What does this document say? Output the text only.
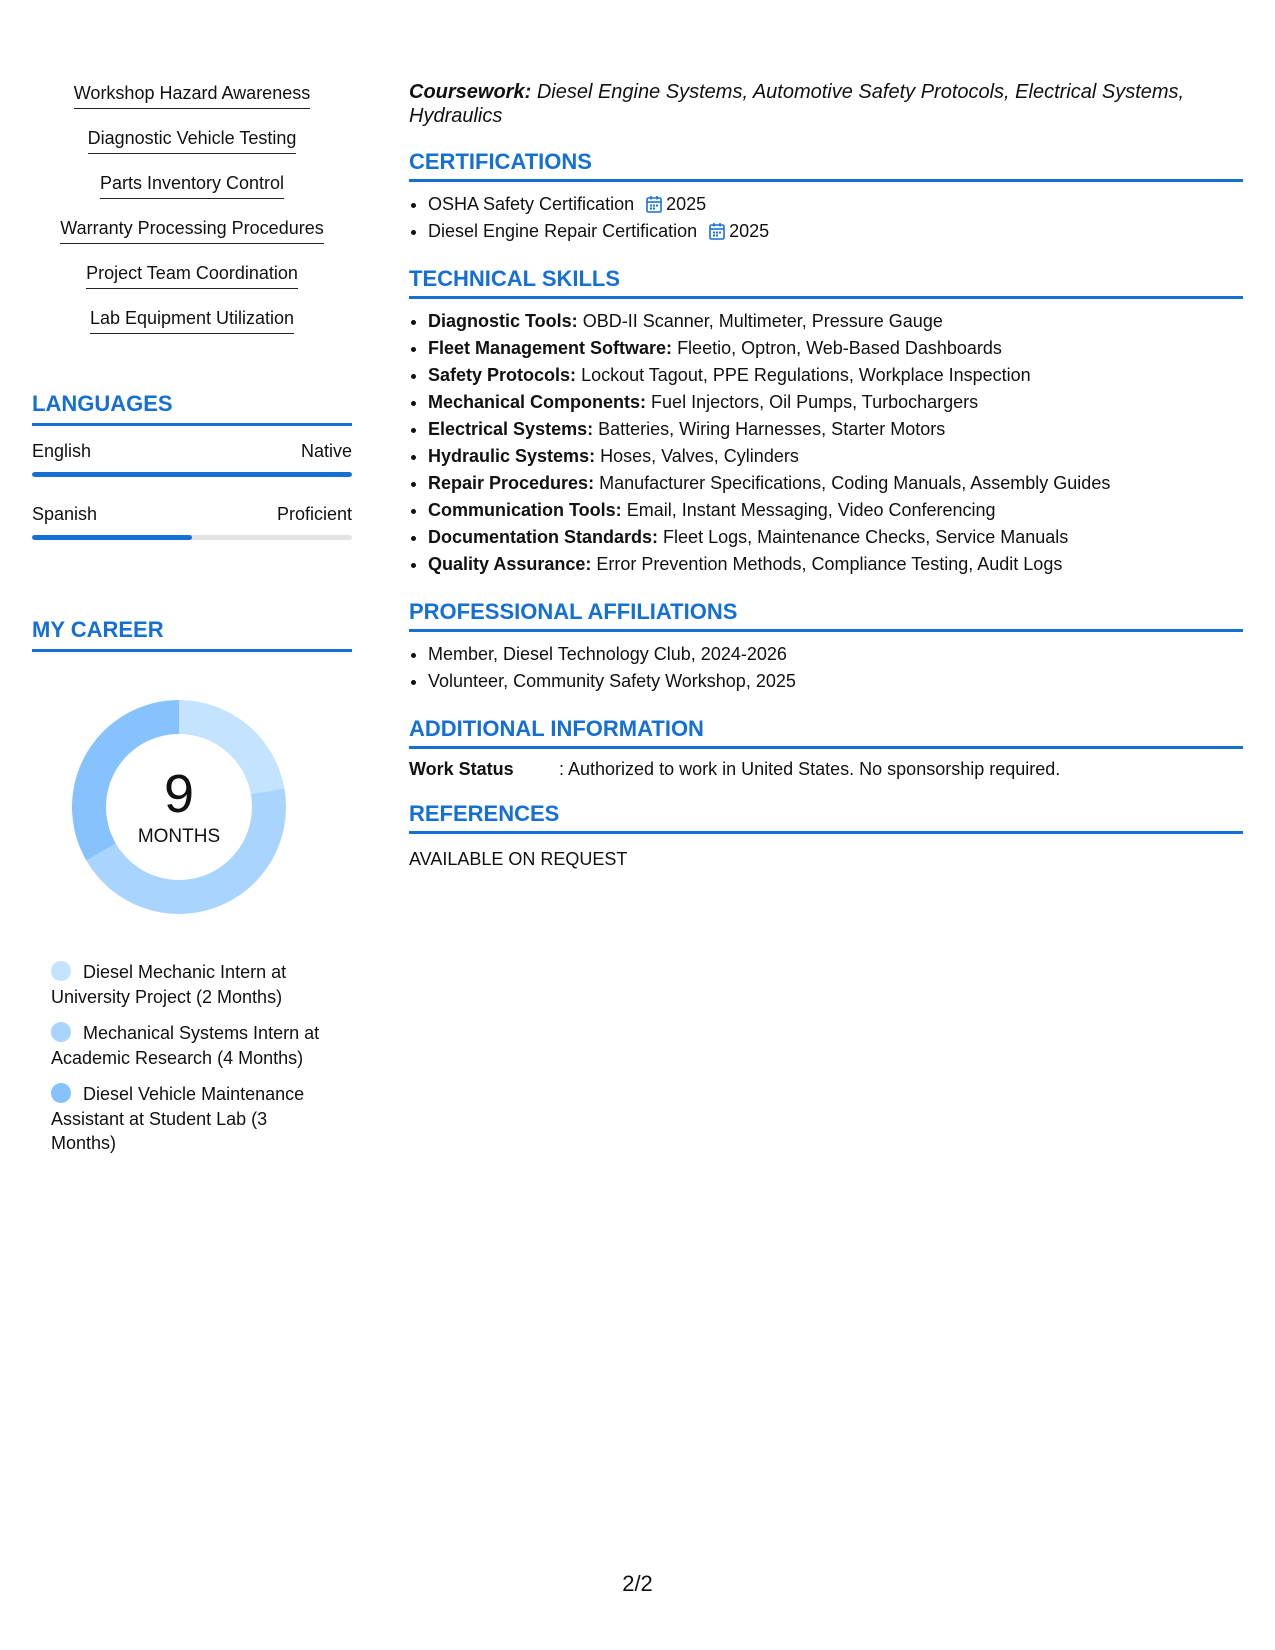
Workshop Hazard Awareness
Diagnostic Vehicle Testing
Parts Inventory Control
Warranty Processing Procedures
Project Team Coordination
Lab Equipment Utilization
LANGUAGES
English	Native
Spanish	Proficient
MY CAREER
9
MONTHS
Diesel Mechanic Intern at University Project (2 Months)
Mechanical Systems Intern at Academic Research (4 Months)
Diesel Vehicle Maintenance Assistant at Student Lab (3 Months)

Coursework: Diesel Engine Systems, Automotive Safety Protocols, Electrical Systems, Hydraulics

CERTIFICATIONS
• OSHA Safety Certification 2025
• Diesel Engine Repair Certification 2025
TECHNICAL SKILLS
• Diagnostic Tools: OBD-II Scanner, Multimeter, Pressure Gauge
• Fleet Management Software: Fleetio, Optron, Web-Based Dashboards
• Safety Protocols: Lockout Tagout, PPE Regulations, Workplace Inspection
• Mechanical Components: Fuel Injectors, Oil Pumps, Turbochargers
• Electrical Systems: Batteries, Wiring Harnesses, Starter Motors
• Hydraulic Systems: Hoses, Valves, Cylinders
• Repair Procedures: Manufacturer Specifications, Coding Manuals, Assembly Guides
• Communication Tools: Email, Instant Messaging, Video Conferencing
• Documentation Standards: Fleet Logs, Maintenance Checks, Service Manuals
• Quality Assurance: Error Prevention Methods, Compliance Testing, Audit Logs
PROFESSIONAL AFFILIATIONS
• Member, Diesel Technology Club, 2024-2026
• Volunteer, Community Safety Workshop, 2025
ADDITIONAL INFORMATION
Work Status	: Authorized to work in United States. No sponsorship required.
REFERENCES
AVAILABLE ON REQUEST
2/2
